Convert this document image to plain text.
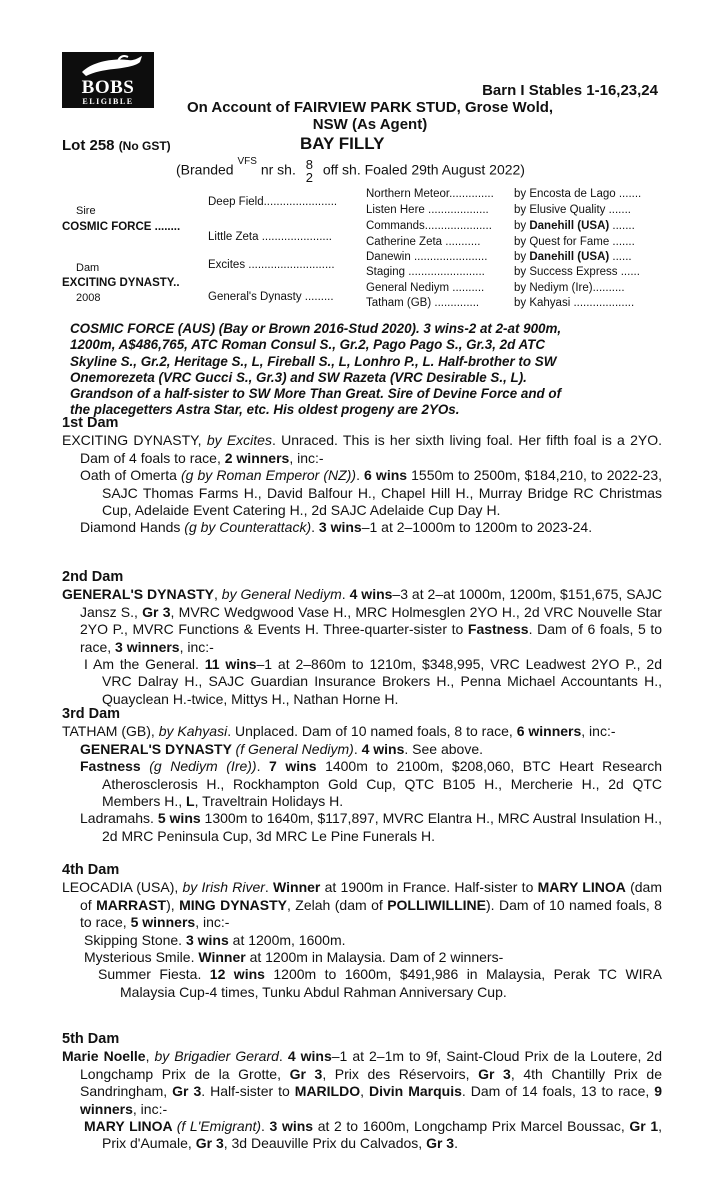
BOBS
ELIGIBLE
Barn I Stables 1-16,23,24
On Account of FAIRVIEW PARK STUD, Grose Wold,
NSW (As Agent)
Lot 258 (No GST)	BAY FILLY
(Branded VFS nr sh. 8
2 off sh. Foaled 29th August 2022)
Sire
COSMIC FORCE ........
Dam
EXCITING DYNASTY..
2008
Deep Field.......................
Little Zeta ......................
Excites ...........................
General's Dynasty .........
Northern Meteor..............
Listen Here ...................
Commands.....................
Catherine Zeta ...........
Danewin .......................
Staging ........................
General Nediym ..........
Tatham (GB) ..............
by Encosta de Lago .......
by Elusive Quality .......
by Danehill (USA) .......
by Quest for Fame .......
by Danehill (USA) ......
by Success Express ......
by Nediym (Ire)..........
by Kahyasi ...................

COSMIC FORCE (AUS) (Bay or Brown 2016-Stud 2020). 3 wins-2 at 2-at 900m,

1200m, A$486,765, ATC Roman Consul S., Gr.2, Pago Pago S., Gr.3, 2d ATC

Skyline S., Gr.2, Heritage S., L, Fireball S., L, Lonhro P., L. Half-brother to SW

Onemorezeta (VRC Gucci S., Gr.3) and SW Razeta (VRC Desirable S., L).

Grandson of a half-sister to SW More Than Great. Sire of Devine Force and of

the placegetters Astra Star, etc. His oldest progeny are 2YOs.

1st Dam

EXCITING DYNASTY, by Excites. Unraced. This is her sixth living foal. Her fifth foal is a 2YO. Dam of 4 foals to race, 2 winners, inc:-

Oath of Omerta (g by Roman Emperor (NZ)). 6 wins 1550m to 2500m, $184,210, to 2022-23, SAJC Thomas Farms H., David Balfour H., Chapel Hill H., Murray Bridge RC Christmas Cup, Adelaide Event Catering H., 2d SAJC Adelaide Cup Day H.

Diamond Hands (g by Counterattack). 3 wins–1 at 2–1000m to 1200m to 2023-24.

2nd Dam

GENERAL'S DYNASTY, by General Nediym. 4 wins–3 at 2–at 1000m, 1200m, $151,675, SAJC Jansz S., Gr 3, MVRC Wedgwood Vase H., MRC Holmesglen 2YO H., 2d VRC Nouvelle Star 2YO P., MVRC Functions & Events H. Three-quarter-sister to Fastness. Dam of 6 foals, 5 to race, 3 winners, inc:-

I Am the General. 11 wins–1 at 2–860m to 1210m, $348,995, VRC Leadwest 2YO P., 2d VRC Dalray H., SAJC Guardian Insurance Brokers H., Penna Michael Accountants H., Quayclean H.-twice, Mittys H., Nathan Horne H.

3rd Dam

TATHAM (GB), by Kahyasi. Unplaced. Dam of 10 named foals, 8 to race, 6 winners, inc:-

GENERAL'S DYNASTY (f General Nediym). 4 wins. See above.

Fastness (g Nediym (Ire)). 7 wins 1400m to 2100m, $208,060, BTC Heart Research Atherosclerosis H., Rockhampton Gold Cup, QTC B105 H., Mercherie H., 2d QTC Members H., L, Traveltrain Holidays H.

Ladramahs. 5 wins 1300m to 1640m, $117,897, MVRC Elantra H., MRC Austral Insulation H., 2d MRC Peninsula Cup, 3d MRC Le Pine Funerals H.

4th Dam

LEOCADIA (USA), by Irish River. Winner at 1900m in France. Half-sister to MARY LINOA (dam of MARRAST), MING DYNASTY, Zelah (dam of POLLIWILLINE). Dam of 10 named foals, 8 to race, 5 winners, inc:-

Skipping Stone. 3 wins at 1200m, 1600m.

Mysterious Smile. Winner at 1200m in Malaysia. Dam of 2 winners-

Summer Fiesta. 12 wins 1200m to 1600m, $491,986 in Malaysia, Perak TC WIRA Malaysia Cup-4 times, Tunku Abdul Rahman Anniversary Cup.

5th Dam

Marie Noelle, by Brigadier Gerard. 4 wins–1 at 2–1m to 9f, Saint-Cloud Prix de la Loutere, 2d Longchamp Prix de la Grotte, Gr 3, Prix des Réservoirs, Gr 3, 4th Chantilly Prix de Sandringham, Gr 3. Half-sister to MARILDO, Divin Marquis. Dam of 14 foals, 13 to race, 9 winners, inc:-

MARY LINOA (f L'Emigrant). 3 wins at 2 to 1600m, Longchamp Prix Marcel Boussac, Gr 1, Prix d'Aumale, Gr 3, 3d Deauville Prix du Calvados, Gr 3.
